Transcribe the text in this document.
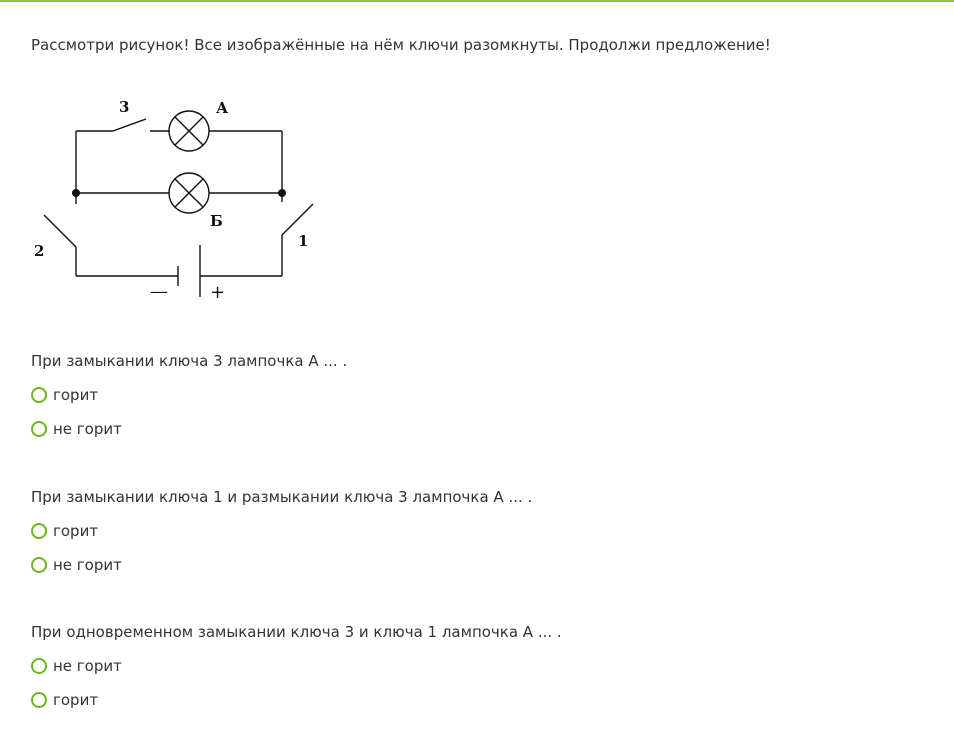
Рассмотри рисунок! Все изображённые на нём ключи разомкнуты. Продолжи предложение!

3	А
Б
2
1
— +

При замыкании ключа 3 лампочка А ... .

горит
не горит

При замыкании ключа 1 и размыкании ключа 3 лампочка А ... .

горит
не горит

При одновременном замыкании ключа 3 и ключа 1 лампочка А ... .

не горит
горит
